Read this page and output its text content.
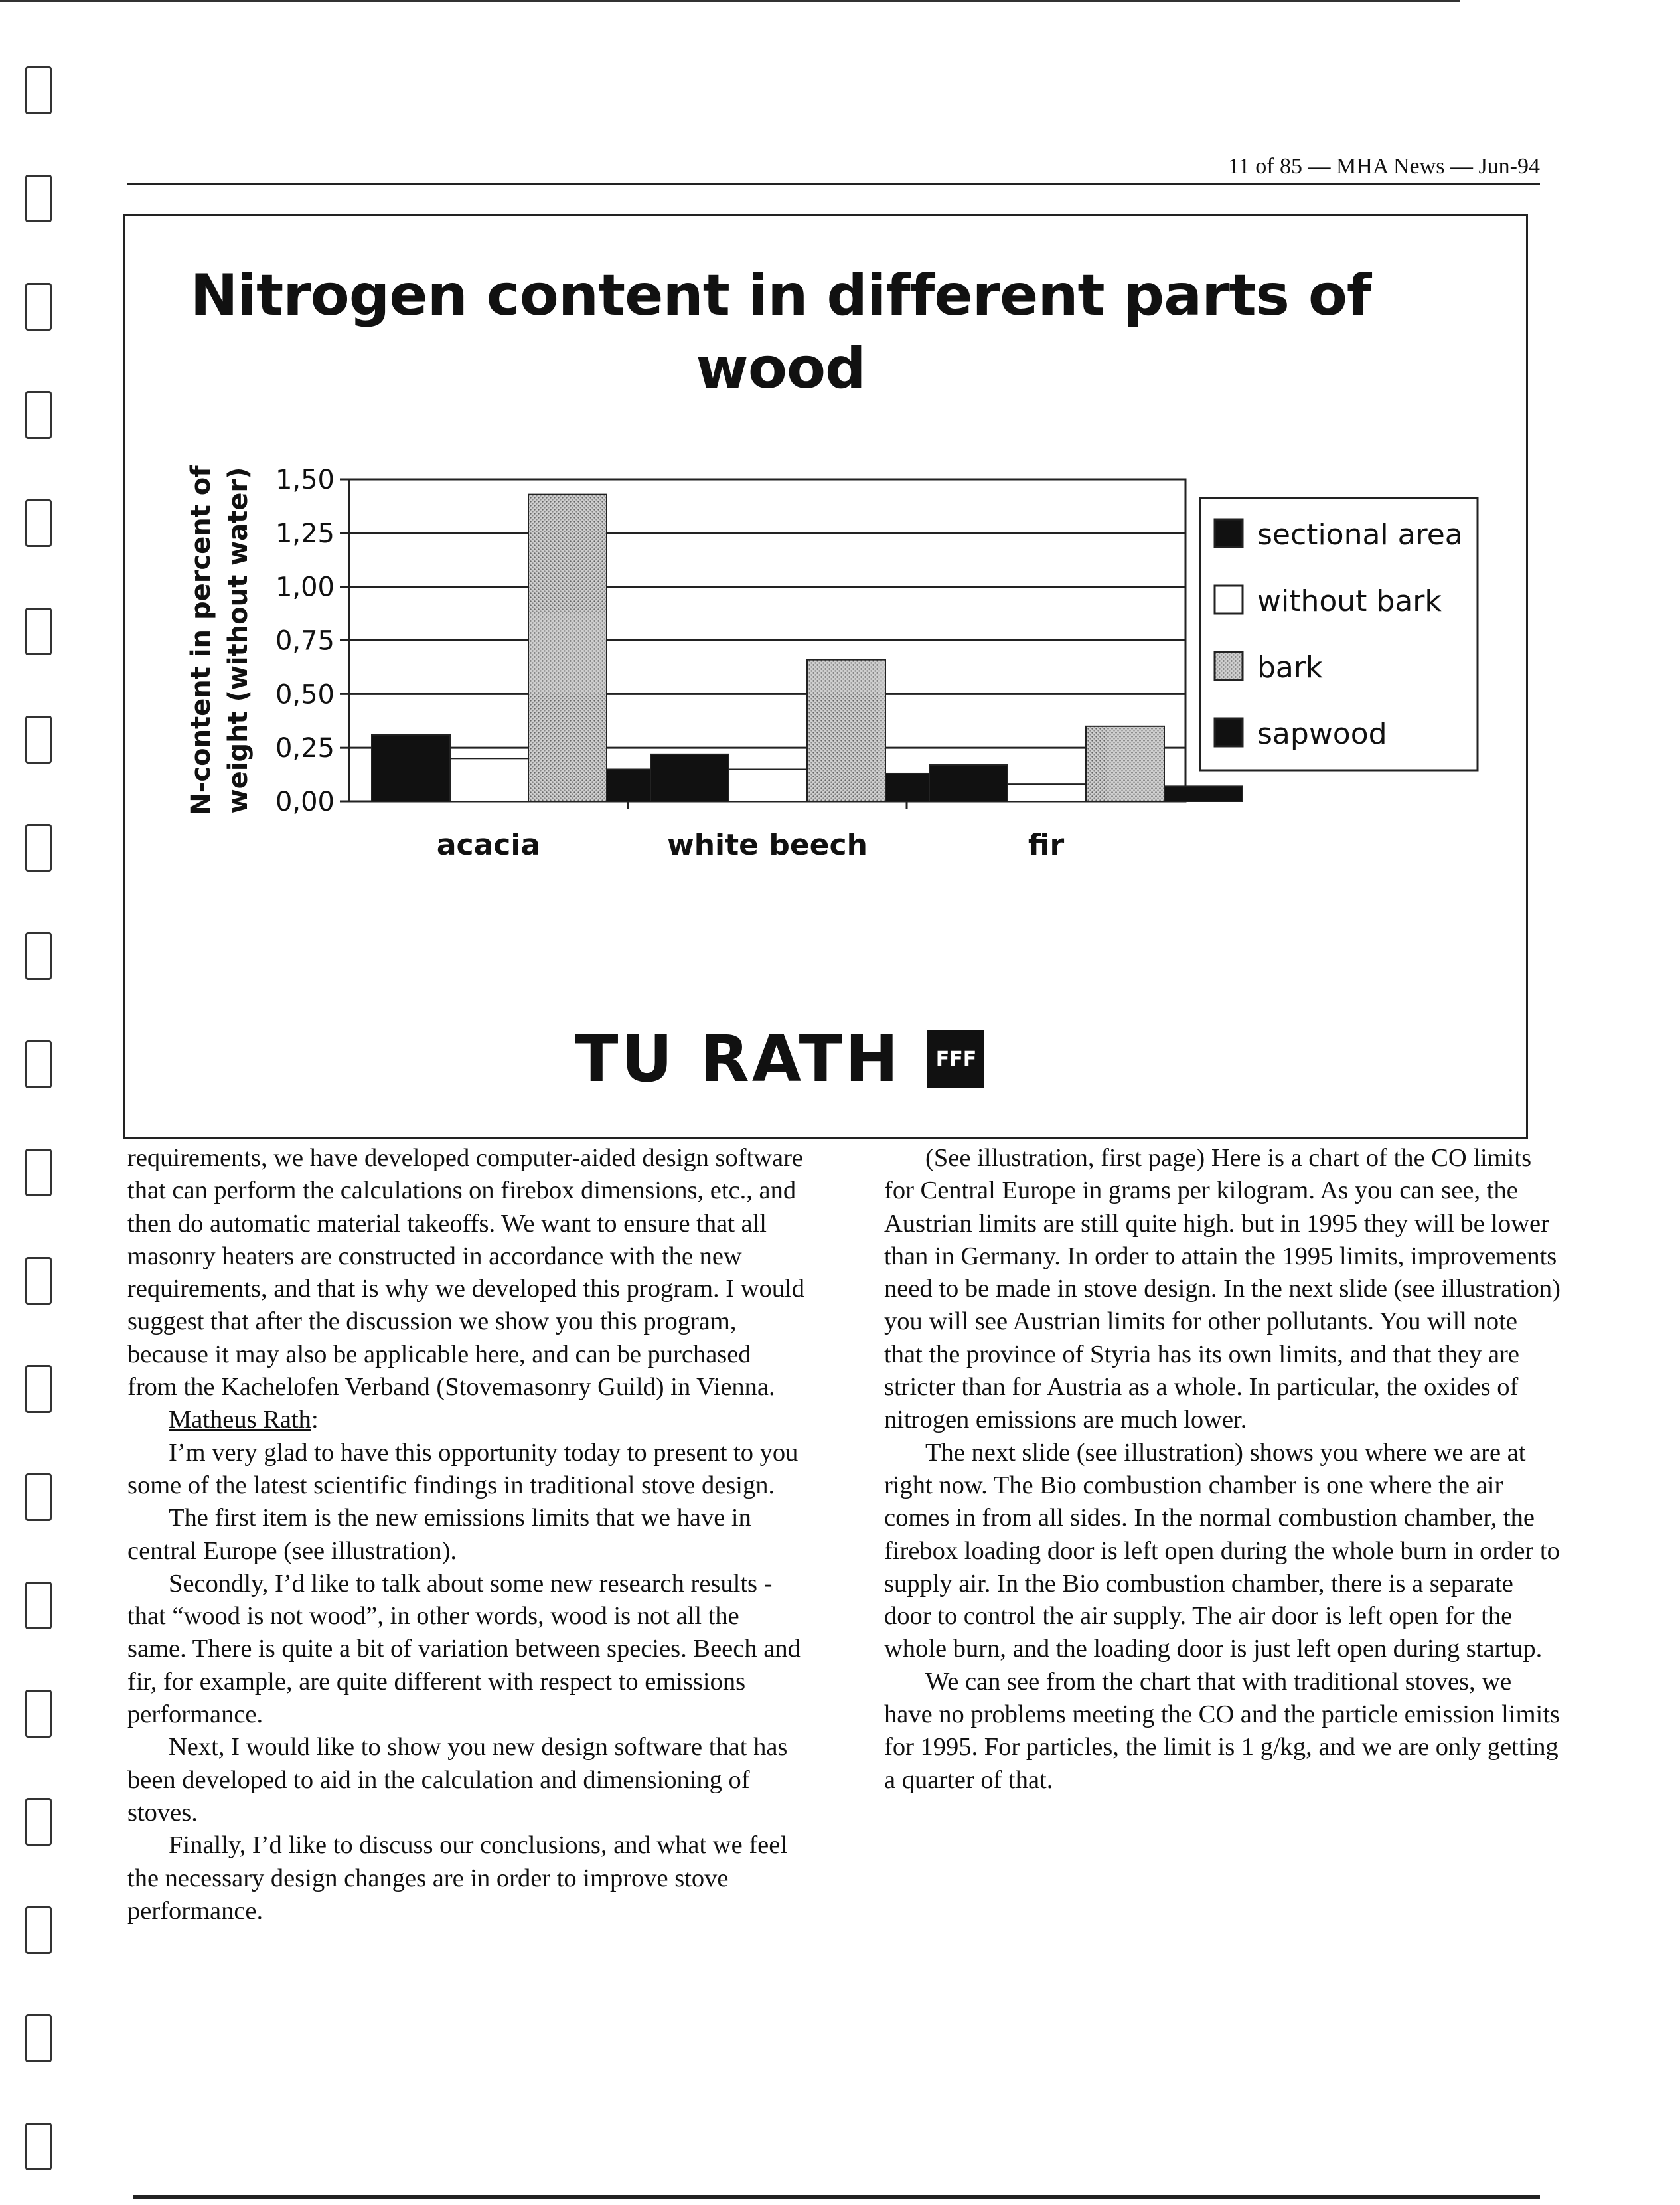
11 of 85 — MHA News — Jun-94
Nitrogen content in different parts of
wood
0,00
0,25
0,50
0,75
1,00
1,25
1,50
N-content in percent of weight (without water)
acacia	white beech	fir
sectional area
without bark
bark
sapwood
TU RATH	FFF

requirements, we have developed computer-aided design software that can perform the calculations on firebox dimensions, etc., and then do automatic material takeoffs. We want to ensure that all masonry heaters are constructed in accordance with the new requirements, and that is why we developed this program. I would suggest that after the discussion we show you this program, because it may also be applicable here, and can be purchased from the Kachelofen Verband (Stovemasonry Guild) in Vienna.

Matheus Rath:

I’m very glad to have this opportunity today to present to you some of the latest scientific findings in traditional stove design.

The first item is the new emissions limits that we have in central Europe (see illustration).

Secondly, I’d like to talk about some new research results - that “wood is not wood”, in other words, wood is not all the same. There is quite a bit of variation between species. Beech and fir, for example, are quite different with respect to emissions performance.

Next, I would like to show you new design software that has been developed to aid in the calculation and dimensioning of stoves.

Finally, I’d like to discuss our conclusions, and what we feel the necessary design changes are in order to improve stove performance.

(See illustration, first page) Here is a chart of the CO limits for Central Europe in grams per kilogram. As you can see, the Austrian limits are still quite high. but in 1995 they will be lower than in Germany. In order to attain the 1995 limits, improvements need to be made in stove design. In the next slide (see illustration) you will see Austrian limits for other pollutants. You will note that the province of Styria has its own limits, and that they are stricter than for Austria as a whole. In particular, the oxides of nitrogen emissions are much lower.

The next slide (see illustration) shows you where we are at right now. The Bio combustion chamber is one where the air comes in from all sides. In the normal combustion chamber, the firebox loading door is left open during the whole burn in order to supply air. In the Bio combustion chamber, there is a separate door to control the air supply. The air door is left open for the whole burn, and the loading door is just left open during startup.

We can see from the chart that with traditional stoves, we have no problems meeting the CO and the particle emission limits for 1995. For particles, the limit is 1 g/kg, and we are only getting a quarter of that.
